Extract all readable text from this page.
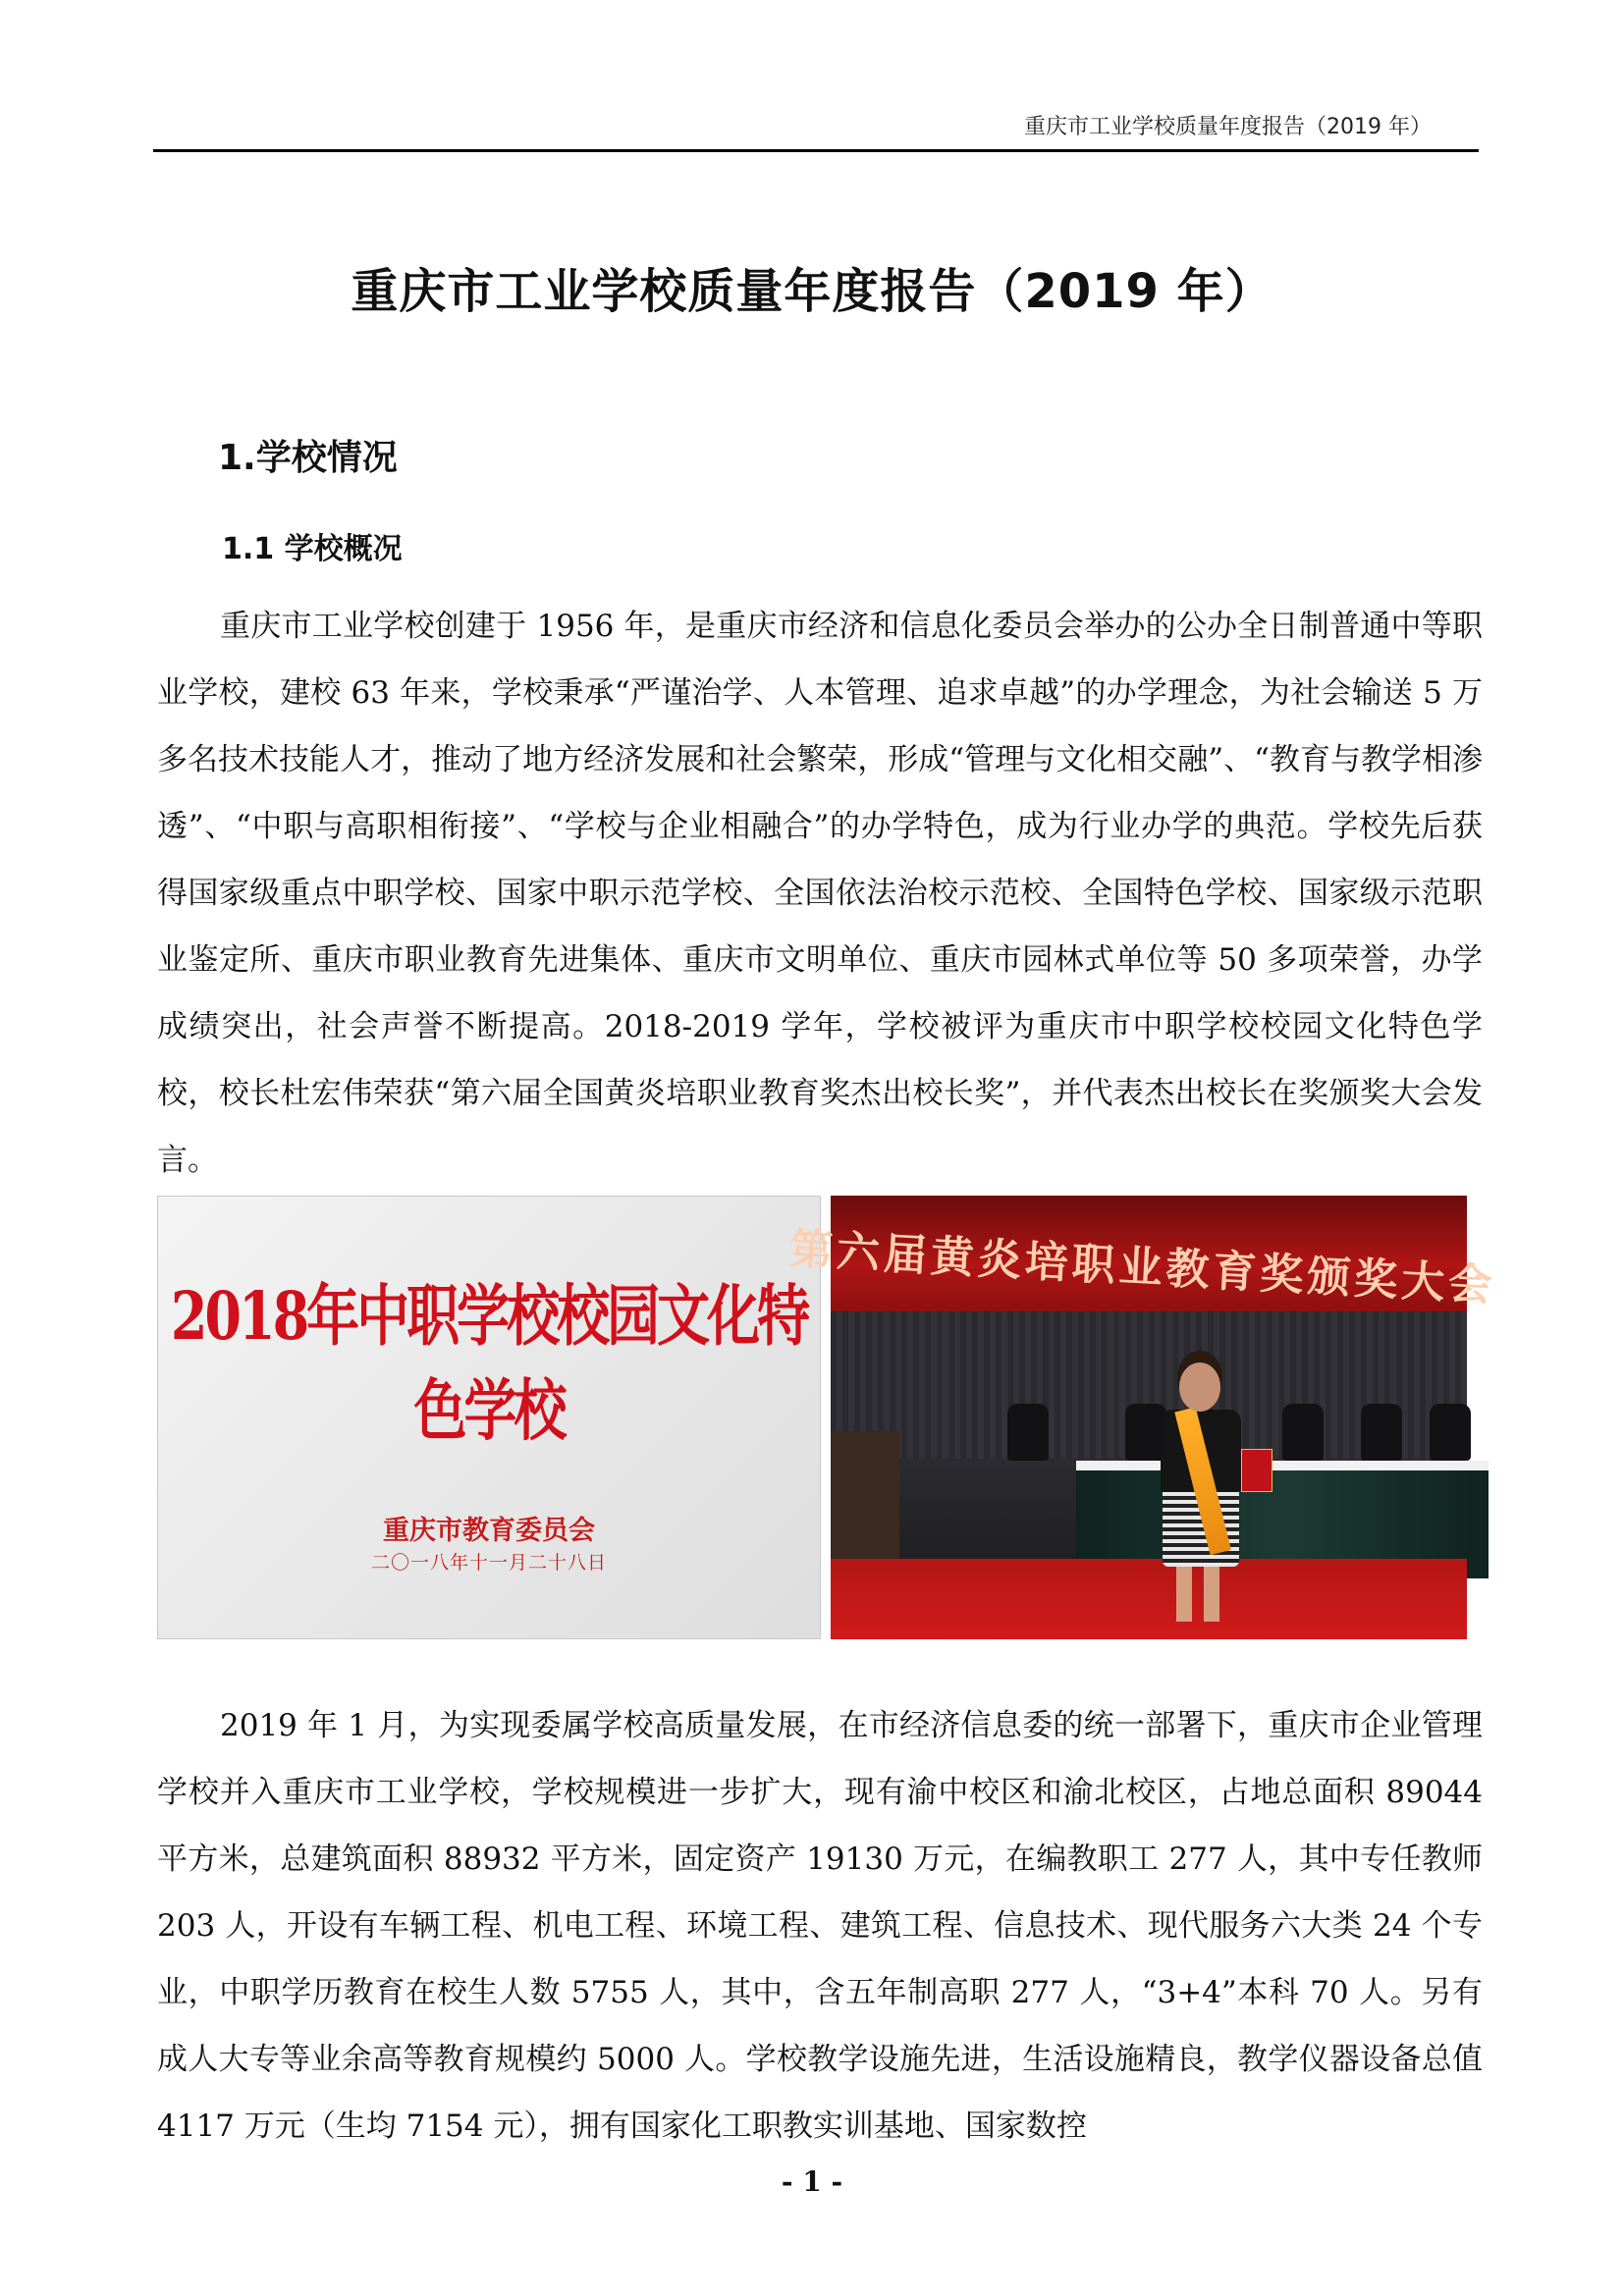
重庆市工业学校质量年度报告（2019 年）
重庆市工业学校质量年度报告（2019 年）
1.学校情况
1.1 学校概况

重庆市工业学校创建于 1956 年，是重庆市经济和信息化委员会举办的公办全日制普通中等职业学校，建校 63 年来，学校秉承“严谨治学、人本管理、追求卓越”的办学理念，为社会输送 5 万多名技术技能人才，推动了地方经济发展和社会繁荣，形成“管理与文化相交融”、“教育与教学相渗透”、“中职与高职相衔接”、“学校与企业相融合”的办学特色，成为行业办学的典范。学校先后获得国家级重点中职学校、国家中职示范学校、全国依法治校示范校、全国特色学校、国家级示范职业鉴定所、重庆市职业教育先进集体、重庆市文明单位、重庆市园林式单位等 50 多项荣誉，办学成绩突出，社会声誉不断提高。2018-2019 学年，学校被评为重庆市中职学校校园文化特色学校，校长杜宏伟荣获“第六届全国黄炎培职业教育奖杰出校长奖”，并代表杰出校长在奖颁奖大会发言。

2018年中职学校校园文化特色学校
重庆市教育委员会
二〇一八年十一月二十八日
第六届黄炎培职业教育奖颁奖大会

2019 年 1 月，为实现委属学校高质量发展，在市经济信息委的统一部署下，重庆市企业管理学校并入重庆市工业学校，学校规模进一步扩大，现有渝中校区和渝北校区，占地总面积 89044 平方米，总建筑面积 88932 平方米，固定资产 19130 万元，在编教职工 277 人，其中专任教师 203 人，开设有车辆工程、机电工程、环境工程、建筑工程、信息技术、现代服务六大类 24 个专业，中职学历教育在校生人数 5755 人，其中，含五年制高职 277 人，“3+4”本科 70 人。另有成人大专等业余高等教育规模约 5000 人。学校教学设施先进，生活设施精良，教学仪器设备总值 4117 万元（生均 7154 元），拥有国家化工职教实训基地、国家数控

- 1 -
